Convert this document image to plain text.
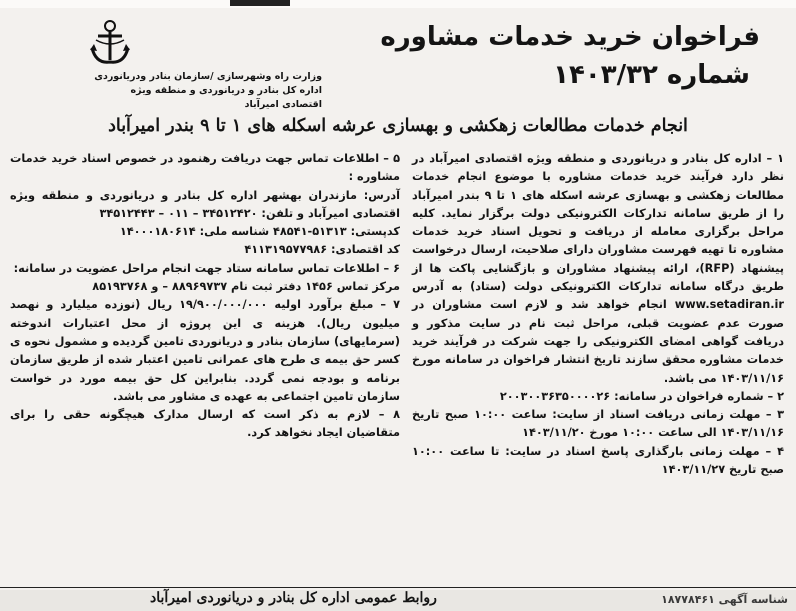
وزارت راه وشهرسازی /سازمان بنادر ودریانوردی
اداره کل بنادر و دریانوردی و منطقه ویژه اقتصادی امیرآباد
فراخوان خرید خدمات مشاوره
شماره ۱۴۰۳/۳۲
انجام خدمات مطالعات زهکشی و بهسازی عرشه اسکله های ۱ تا ۹ بندر امیرآباد

۱ – اداره کل بنادر و دریانوردی و منطقه ویژه اقتصادی امیرآباد در نظر دارد فرآیند خرید خدمات مشاوره با موضوع انجام خدمات مطالعات زهکشی و بهسازی عرشه اسکله های ۱ تا ۹ بندر امیرآباد را از طریق سامانه تدارکات الکترونیکی دولت برگزار نماید. کلیه مراحل برگزاری معامله از دریافت و تحویل اسناد خرید خدمات مشاوره تا تهیه فهرست مشاوران دارای صلاحیت، ارسال درخواست پیشنهاد (RFP)، ارائه پیشنهاد مشاوران و بازگشایی پاکت ها از طریق درگاه سامانه تدارکات الکترونیکی دولت (ستاد) به آدرس www.setadiran.ir انجام خواهد شد و لازم است مشاوران در صورت عدم عضویت قبلی، مراحل ثبت نام در سایت مذکور و دریافت گواهی امضای الکترونیکی را جهت شرکت در فرآیند خرید خدمات مشاوره محقق سازند تاریخ انتشار فراخوان در سامانه مورخ ۱۴۰۳/۱۱/۱۶ می باشد.

۲ – شماره فراخوان در سامانه: ۲۰۰۳۰۰۳۶۳۵۰۰۰۰۲۶

۳ – مهلت زمانی دریافت اسناد از سایت: ساعت ۱۰:۰۰ صبح تاریخ ۱۴۰۳/۱۱/۱۶ الی ساعت ۱۰:۰۰ مورخ ۱۴۰۳/۱۱/۲۰

۴ – مهلت زمانی بارگذاری پاسخ اسناد در سایت: تا ساعت ۱۰:۰۰ صبح تاریخ ۱۴۰۳/۱۱/۲۷

۵ – اطلاعات تماس جهت دریافت رهنمود در خصوص اسناد خرید خدمات مشاوره :

آدرس: مازندران بهشهر اداره کل بنادر و دریانوردی و منطقه ویژه اقتصادی امیرآباد و تلفن: ۳۴۵۱۲۴۲۰ – ۰۱۱ – ۳۴۵۱۲۴۴۳

کدپستی: ۵۱۳۱۳-۴۸۵۴۱ شناسه ملی: ۱۴۰۰۰۱۸۰۶۱۴

کد اقتصادی: ۴۱۱۳۱۹۵۷۷۹۸۶

۶ – اطلاعات تماس سامانه ستاد جهت انجام مراحل عضویت در سامانه:

مرکز تماس ۱۴۵۶ دفتر ثبت نام ۸۸۹۶۹۷۳۷ – و ۸۵۱۹۳۷۶۸

۷ – مبلغ برآورد اولیه ۱۹/۹۰۰/۰۰۰/۰۰۰ ریال (نوزده میلیارد و نهصد میلیون ریال). هزینه ی این پروژه از محل اعتبارات اندوخته (سرمایهای) سازمان بنادر و دریانوردی تامین گردیده و مشمول نحوه ی کسر حق بیمه ی طرح های عمرانی تامین اعتبار شده از طریق سازمان برنامه و بودجه نمی گردد. بنابراین کل حق بیمه مورد در خواست سازمان تامین اجتماعی به عهده ی مشاور می باشد.

۸ – لازم به ذکر است که ارسال مدارک هیچگونه حقی را برای متقاضیان ایجاد نخواهد کرد.

روابط عمومی اداره کل بنادر و دریانوردی امیرآباد	شناسه آگهی ۱۸۷۷۸۴۶۱
